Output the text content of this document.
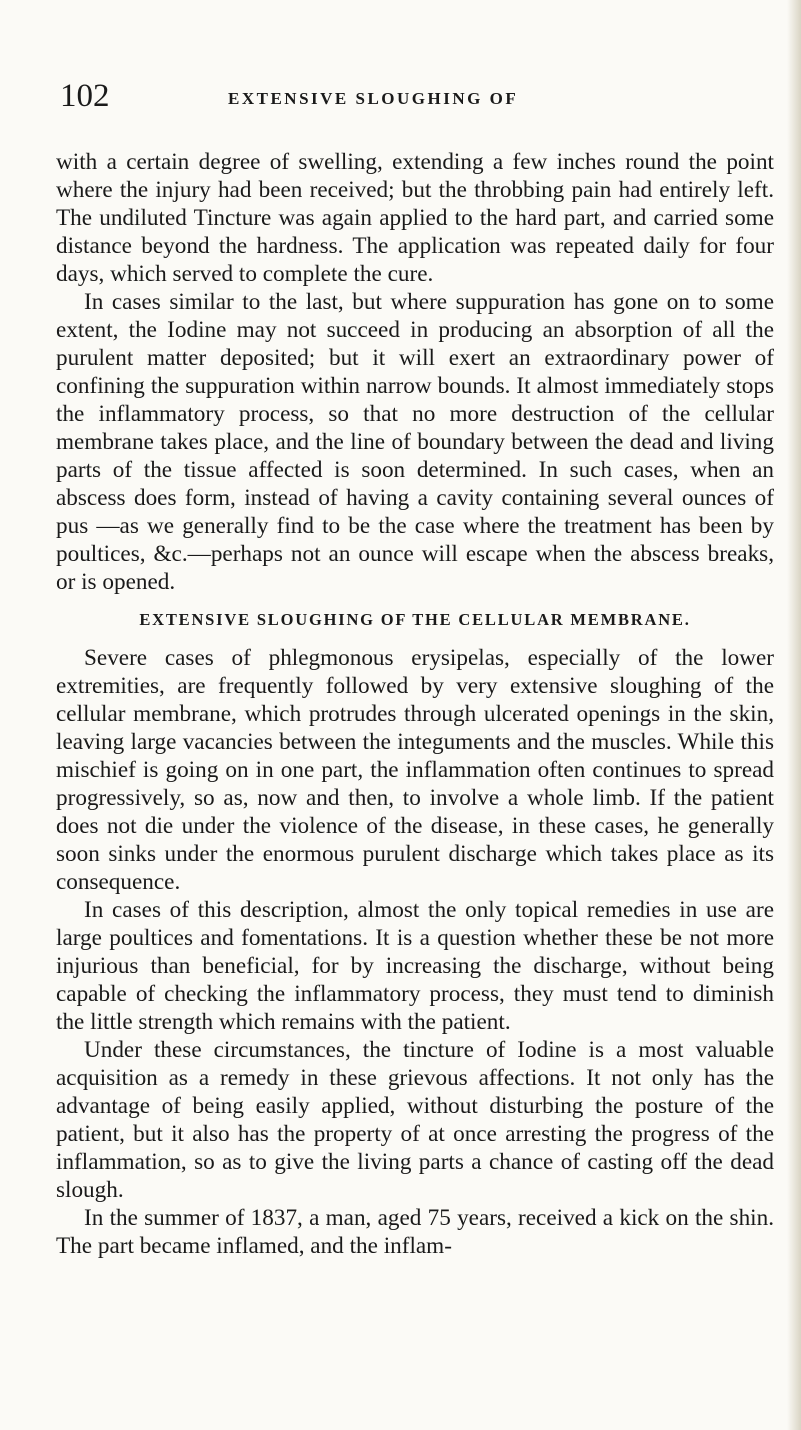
102	EXTENSIVE SLOUGHING OF

with a certain degree of swelling, extending a few inches round the point where the injury had been received; but the throbbing pain had entirely left. The undiluted Tincture was again applied to the hard part, and carried some distance beyond the hardness. The application was repeated daily for four days, which served to complete the cure.

In cases similar to the last, but where suppuration has gone on to some extent, the Iodine may not succeed in producing an absorption of all the purulent matter deposited; but it will exert an extraordinary power of confining the suppuration within narrow bounds. It almost immediately stops the inflammatory process, so that no more destruction of the cellular membrane takes place, and the line of boundary between the dead and living parts of the tissue affected is soon determined. In such cases, when an abscess does form, instead of having a cavity containing several ounces of pus —as we generally find to be the case where the treatment has been by poultices, &c.—perhaps not an ounce will escape when the abscess breaks, or is opened.

EXTENSIVE SLOUGHING OF THE CELLULAR MEMBRANE.

Severe cases of phlegmonous erysipelas, especially of the lower extremities, are frequently followed by very extensive sloughing of the cellular membrane, which protrudes through ulcerated openings in the skin, leaving large vacancies between the integuments and the muscles. While this mischief is going on in one part, the inflammation often continues to spread progressively, so as, now and then, to involve a whole limb. If the patient does not die under the violence of the disease, in these cases, he generally soon sinks under the enormous purulent discharge which takes place as its consequence.

In cases of this description, almost the only topical remedies in use are large poultices and fomentations. It is a question whether these be not more injurious than beneficial, for by increasing the discharge, without being capable of checking the inflammatory process, they must tend to diminish the little strength which remains with the patient.

Under these circumstances, the tincture of Iodine is a most valuable acquisition as a remedy in these grievous affections. It not only has the advantage of being easily applied, without disturbing the posture of the patient, but it also has the property of at once arresting the progress of the inflammation, so as to give the living parts a chance of casting off the dead slough.

In the summer of 1837, a man, aged 75 years, received a kick on the shin. The part became inflamed, and the inflam-
